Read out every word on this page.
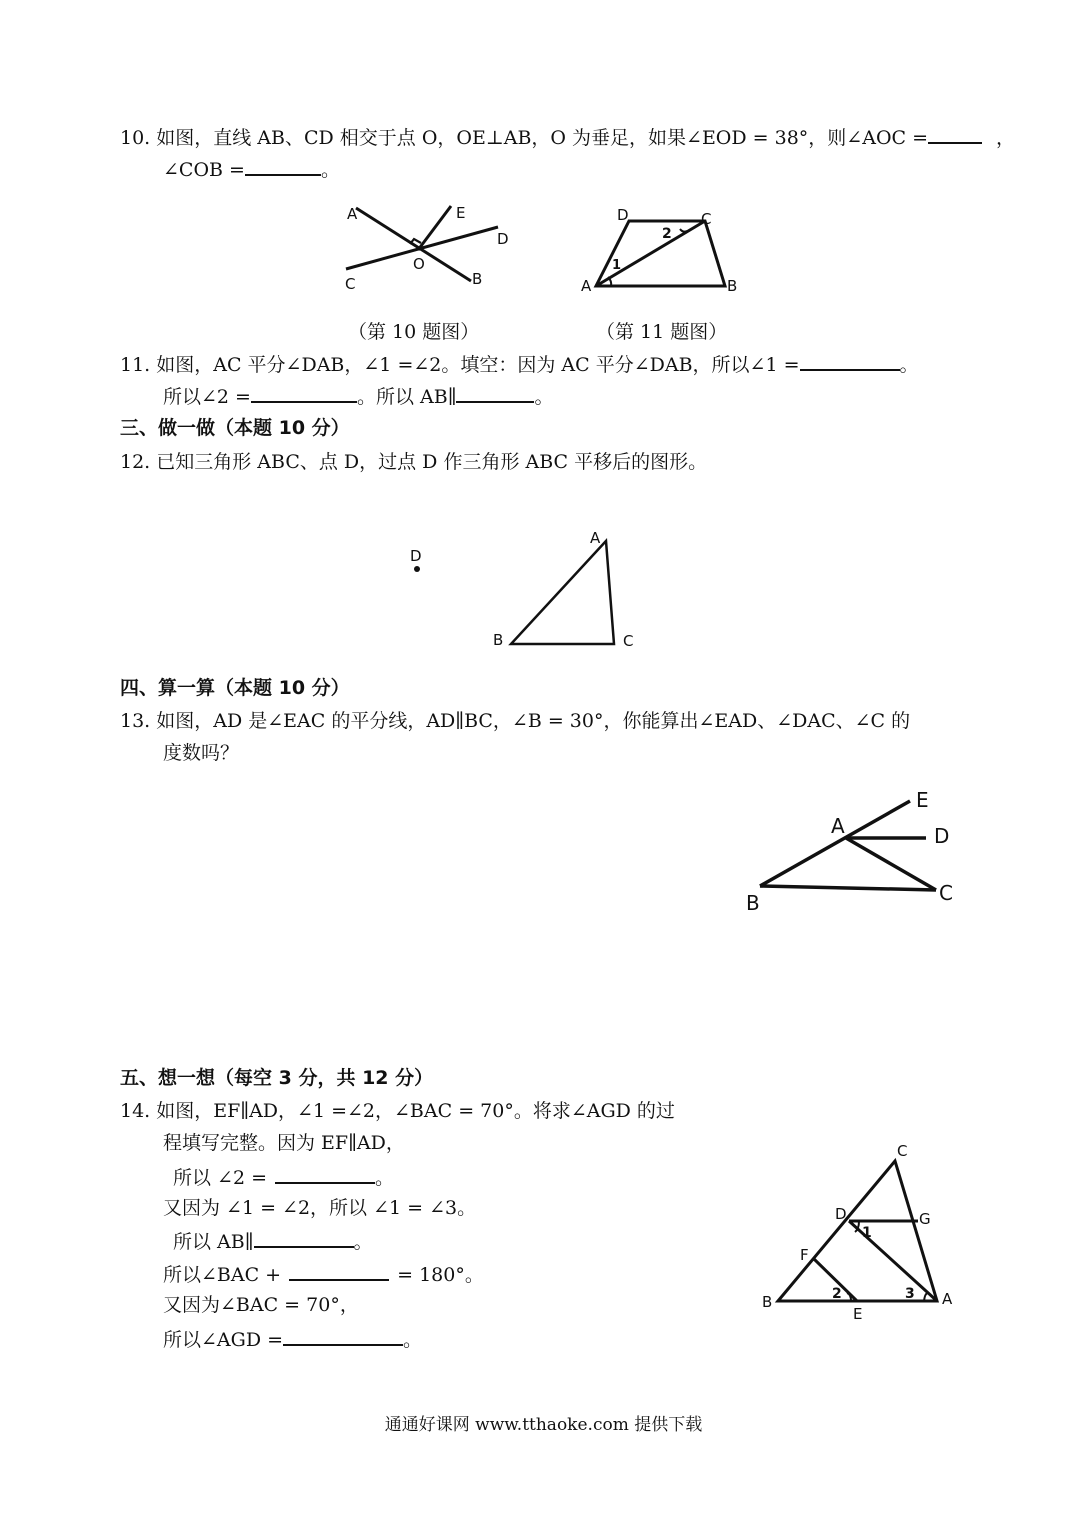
10. 如图，直线 AB、CD 相交于点 O，OE⊥AB，O 为垂足，如果∠EOD = 38°，则∠AOC =	，
∠COB =	。
A	E
D
C
O
B
D	C
A	B
1
2
（第 10 题图）	（第 11 题图）
11. 如图，AC 平分∠DAB，∠1 =∠2。填空：因为 AC 平分∠DAB，所以∠1 =	。
所以∠2 =	。所以 AB∥	。
三、做一做（本题 10 分）
12. 已知三角形 ABC、点 D，过点 D 作三角形 ABC 平移后的图形。
D
A
B	C
四、算一算（本题 10 分）
13. 如图，AD 是∠EAC 的平分线，AD∥BC，∠B = 30°，你能算出∠EAD、∠DAC、∠C 的
度数吗？
E
A	D
B	C
五、想一想（每空 3 分，共 12 分）
14. 如图，EF∥AD，∠1 =∠2，∠BAC = 70°。将求∠AGD 的过
程填写完整。因为 EF∥AD，
所以 ∠2 =	。
又因为 ∠1 = ∠2，所以 ∠1 = ∠3。
所以 AB∥	。
所以∠BAC +	= 180°。
又因为∠BAC = 70°，
所以∠AGD =	。
C
D	G
F
B
E
A
1
2	3
通通好课网 www.tthaoke.com 提供下载
